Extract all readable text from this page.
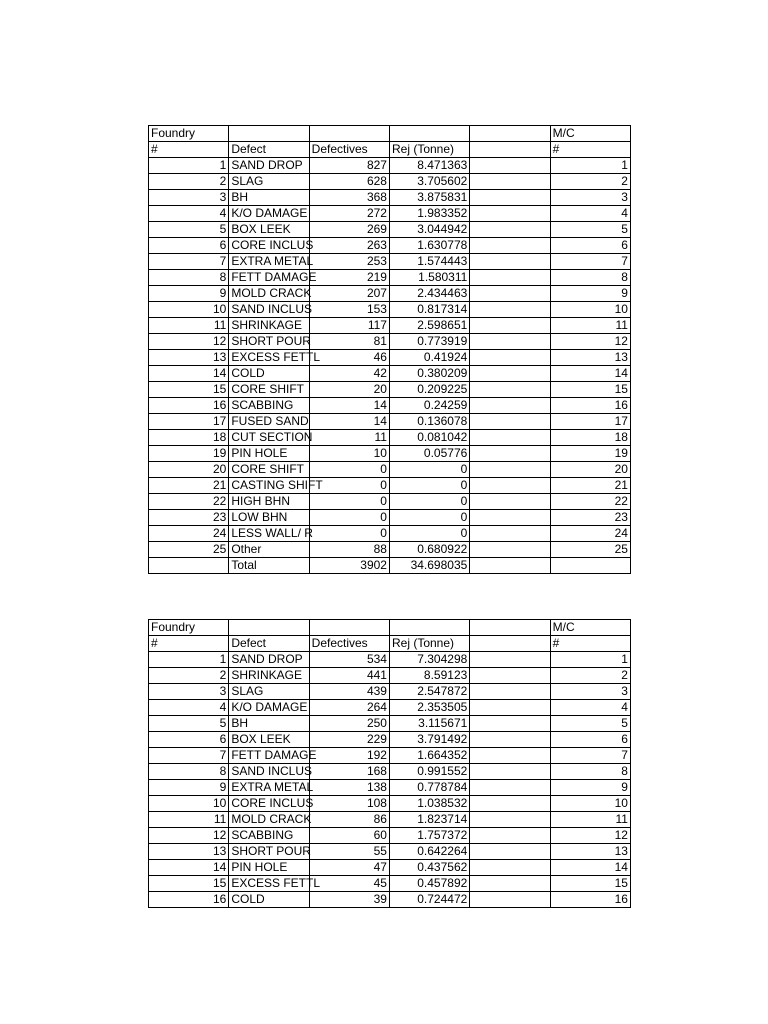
Foundry					M/C
#	Defect	Defectives	Rej (Tonne)		#
1	SAND DROP	827	8.471363		1
2	SLAG	628	3.705602		2
3	BH	368	3.875831		3
4	K/O DAMAGE	272	1.983352		4
5	BOX LEEK	269	3.044942		5
6	CORE INCLUS	263	1.630778		6
7	EXTRA METAL	253	1.574443		7
8	FETT DAMAGE	219	1.580311		8
9	MOLD CRACK	207	2.434463		9
10	SAND INCLUS	153	0.817314		10
11	SHRINKAGE	117	2.598651		11
12	SHORT POUR	81	0.773919		12
13	EXCESS FETTL	46	0.41924		13
14	COLD	42	0.380209		14
15	CORE SHIFT	20	0.209225		15
16	SCABBING	14	0.24259		16
17	FUSED SAND	14	0.136078		17
18	CUT SECTION	11	0.081042		18
19	PIN HOLE	10	0.05776		19
20	CORE SHIFT	0	0		20
21	CASTING SHIFT	0	0		21
22	HIGH BHN	0	0		22
23	LOW BHN	0	0		23
24	LESS WALL/ R	0	0		24
25	Other	88	0.680922		25
	Total	3902	34.698035		
Foundry					M/C
#	Defect	Defectives	Rej (Tonne)		#
1	SAND DROP	534	7.304298		1
2	SHRINKAGE	441	8.59123		2
3	SLAG	439	2.547872		3
4	K/O DAMAGE	264	2.353505		4
5	BH	250	3.115671		5
6	BOX LEEK	229	3.791492		6
7	FETT DAMAGE	192	1.664352		7
8	SAND INCLUS	168	0.991552		8
9	EXTRA METAL	138	0.778784		9
10	CORE INCLUS	108	1.038532		10
11	MOLD CRACK	86	1.823714		11
12	SCABBING	60	1.757372		12
13	SHORT POUR	55	0.642264		13
14	PIN HOLE	47	0.437562		14
15	EXCESS FETTL	45	0.457892		15
16	COLD	39	0.724472		16
